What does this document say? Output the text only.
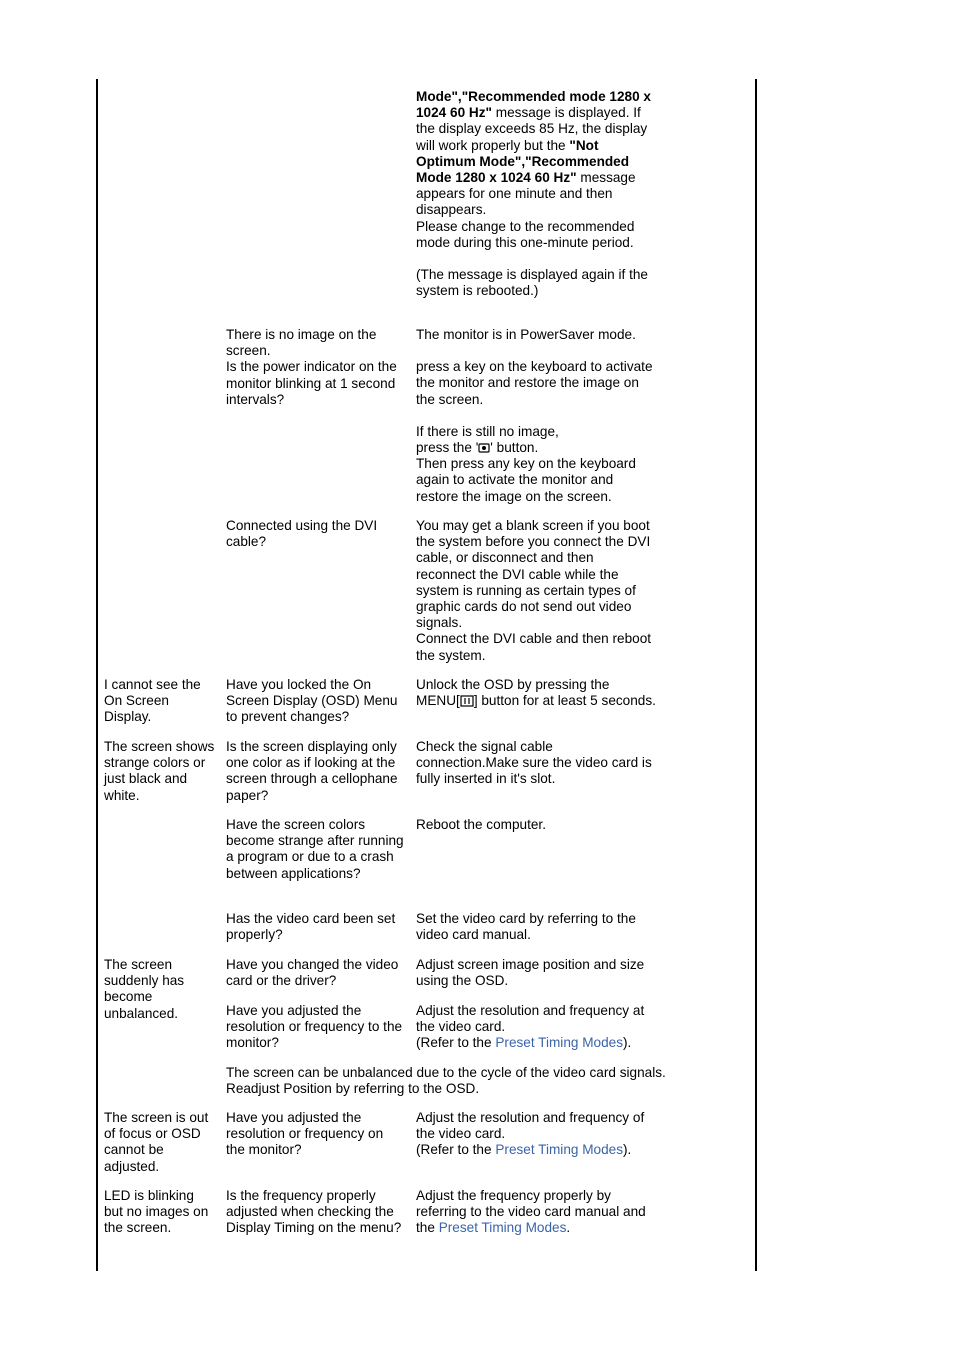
Mode","Recommended mode 1280 x 1024 60 Hz" message is displayed. If the display exceeds 85 Hz, the display will work properly but the "Not Optimum Mode","Recommended Mode 1280 x 1024 60 Hz" message appears for one minute and then disappears.
Please change to the recommended mode during this one-minute period.
(The message is displayed again if the system is rebooted.)
There is no image on the screen.
Is the power indicator on the monitor blinking at 1 second intervals?
The monitor is in PowerSaver mode.
press a key on the keyboard to activate the monitor and restore the image on the screen.
If there is still no image,
press the ' ' button.
Then press any key on the keyboard again to activate the monitor and restore the image on the screen.
Connected using the DVI cable?
You may get a blank screen if you boot the system before you connect the DVI cable, or disconnect and then reconnect the DVI cable while the system is running as certain types of graphic cards do not send out video signals.
Connect the DVI cable and then reboot the system.
I cannot see the On Screen Display.
Have you locked the On Screen Display (OSD) Menu to prevent changes?
Unlock the OSD by pressing the MENU[ ] button for at least 5 seconds.
The screen shows strange colors or just black and white.
Is the screen displaying only one color as if looking at the screen through a cellophane paper?
Check the signal cable connection.Make sure the video card is fully inserted in it's slot.
Have the screen colors become strange after running a program or due to a crash between applications?
Reboot the computer.
Has the video card been set properly?
Set the video card by referring to the video card manual.
The screen suddenly has become unbalanced.
Have you changed the video card or the driver?
Adjust screen image position and size using the OSD.
Have you adjusted the resolution or frequency to the monitor?
Adjust the resolution and frequency at the video card.
(Refer to the Preset Timing Modes).
The screen can be unbalanced due to the cycle of the video card signals.
Readjust Position by referring to the OSD.
The screen is out of focus or OSD cannot be adjusted.
Have you adjusted the resolution or frequency on the monitor?
Adjust the resolution and frequency of the video card.
(Refer to the Preset Timing Modes).
LED is blinking but no images on the screen.
Is the frequency properly adjusted when checking the Display Timing on the menu?
Adjust the frequency properly by referring to the video card manual and the Preset Timing Modes.
